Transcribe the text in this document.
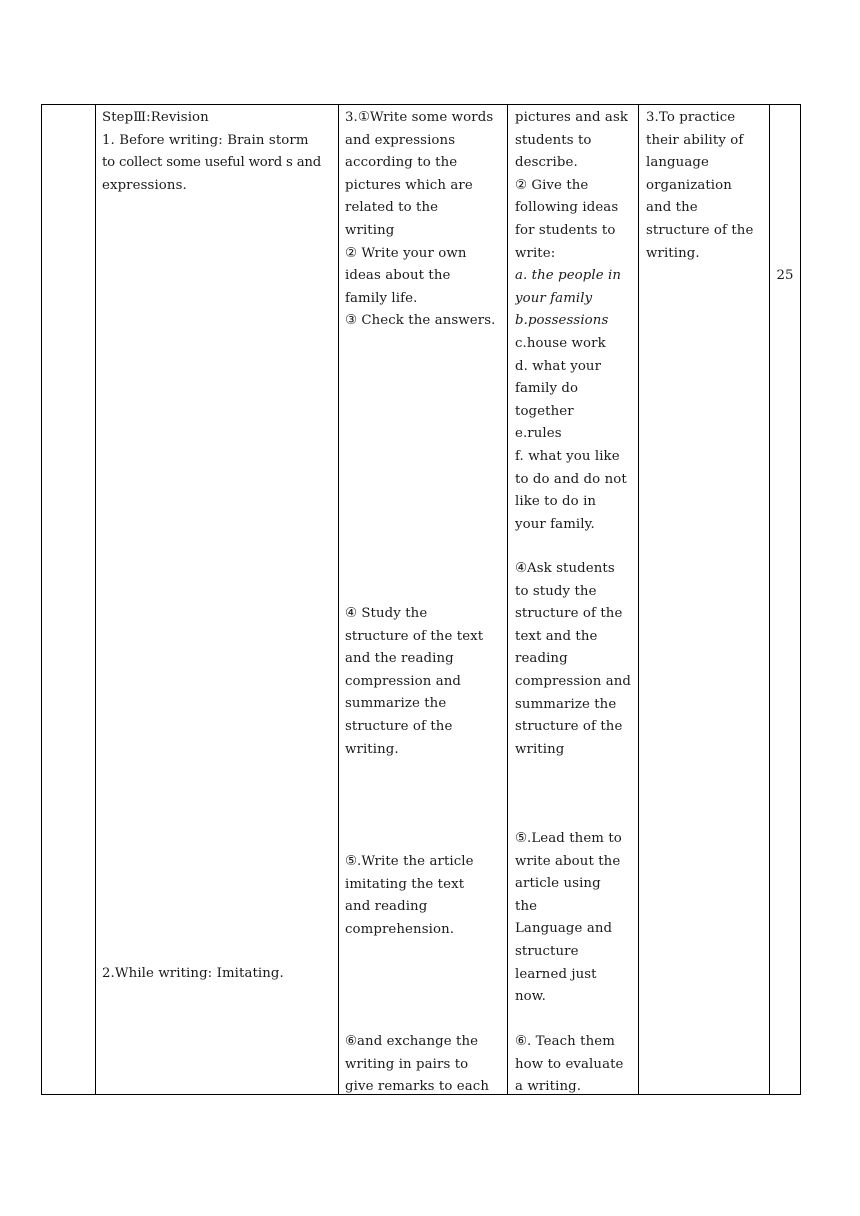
StepⅢ:Revision
1. Before writing: Brain storm
to collect some useful word s and
expressions.
2.While writing: Imitating.
3.①Write some words
and expressions
according to the
pictures which are
related to the
writing
② Write your own
ideas about the
family life.
③ Check the answers.
④ Study the
structure of the text
and the reading
compression and
summarize the
structure of the
writing.
⑤.Write the article
imitating the text
and reading
comprehension.
⑥and exchange the
writing in pairs to
give remarks to each
pictures and ask
students to
describe.
② Give the
following ideas
for students to
write:
a. the people in
your family
b.possessions
c.house work
d. what your
family do
together
e.rules
f. what you like
to do and do not
like to do in
your family.
④Ask students
to study the
structure of the
text and the
reading
compression and
summarize the
structure of the
writing
⑤.Lead them to
write about the
article using
the
Language and
structure
learned just
now.
⑥. Teach them
how to evaluate
a writing.
3.To practice
their ability of
language
organization
and the
structure of the
writing.
25
